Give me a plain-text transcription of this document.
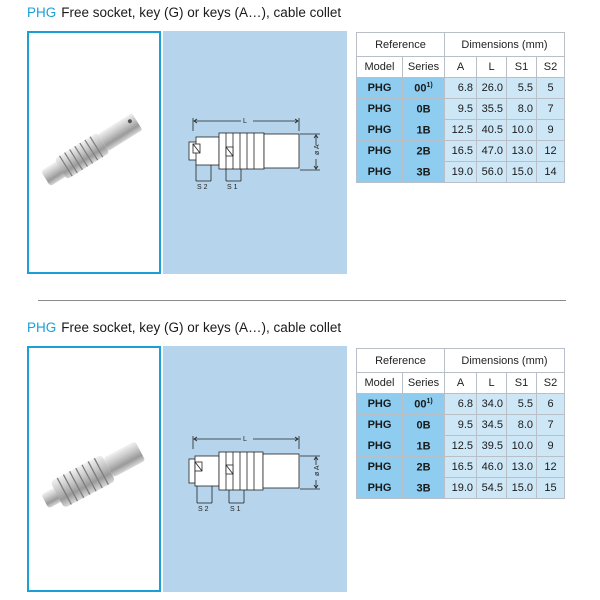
PHG Free socket, key (G) or keys (A…), cable collet
L
ø A
S 2	S 1
Reference		Dimensions (mm)			
Model	Series	A	L	S1	S2
PHG	00$^{1)}$	6.8	26.0	5.5	5
PHG	0B	9.5	35.5	8.0	7
PHG	1B	12.5	40.5	10.0	9
PHG	2B	16.5	47.0	13.0	12
PHG	3B	19.0	56.0	15.0	14
PHG Free socket, key (G) or keys (A…), cable collet
L
ø A
S 2	S 1
Reference		Dimensions (mm)			
Model	Series	A	L	S1	S2
PHG	00$^{1)}$	6.8	34.0	5.5	6
PHG	0B	9.5	34.5	8.0	7
PHG	1B	12.5	39.5	10.0	9
PHG	2B	16.5	46.0	13.0	12
PHG	3B	19.0	54.5	15.0	15
